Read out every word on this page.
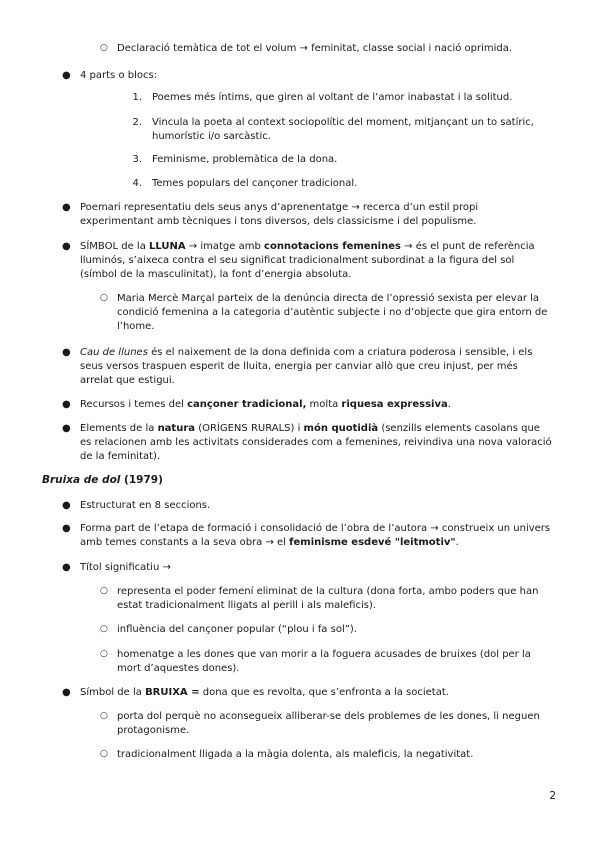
○ Declaració temàtica de tot el volum → feminitat, classe social i nació oprimida.

● 4 parts o blocs:

1. Poemes més íntims, que giren al voltant de l’amor inabastat i la solitud.

2. Vincula la poeta al context sociopolític del moment, mitjançant un to satíric,

humorístic i/o sarcàstic.

3. Feminisme, problemàtica de la dona.

4. Temes populars del cançoner tradicional.

● Poemari representatiu dels seus anys d’aprenentatge → recerca d’un estil propi

experimentant amb tècniques i tons diversos, dels classicisme i del populisme.

● SÍMBOL de la LLUNA → imatge amb connotacions femenines → és el punt de referència

lluminós, s’aixeca contra el seu significat tradicionalment subordinat a la figura del sol

(símbol de la masculinitat), la font d’energia absoluta.

○ Maria Mercè Marçal parteix de la denúncia directa de l’opressió sexista per elevar la

condició femenina a la categoria d’autèntic subjecte i no d’objecte que gira entorn de

l’home.

● Cau de llunes és el naixement de la dona definida com a criatura poderosa i sensible, i els

seus versos traspuen esperit de lluita, energia per canviar allò que creu injust, per més

arrelat que estigui.

● Recursos i temes del cançoner tradicional, molta riquesa expressiva.

● Elements de la natura (ORÍGENS RURALS) i món quotidià (senzills elements casolans que

es relacionen amb les activitats considerades com a femenines, reivindiva una nova valoració

de la feminitat).

Bruixa de dol (1979)

● Estructurat en 8 seccions.

● Forma part de l’etapa de formació i consolidació de l’obra de l’autora → construeix un univers

amb temes constants a la seva obra → el feminisme esdevé "leitmotiv".

● Títol significatiu →

○ representa el poder femení eliminat de la cultura (dona forta, ambo poders que han

estat tradicionalment lligats al perill i als maleficis).

○ influència del cançoner popular (“plou i fa sol”).

○ homenatge a les dones que van morir a la foguera acusades de bruixes (dol per la

mort d’aquestes dones).

● Símbol de la BRUIXA = dona que es revolta, que s’enfronta a la societat.

○ porta dol perquè no aconsegueix alliberar-se dels problemes de les dones, li neguen

protagonisme.

○ tradicionalment lligada a la màgia dolenta, als maleficis, la negativitat.

2
